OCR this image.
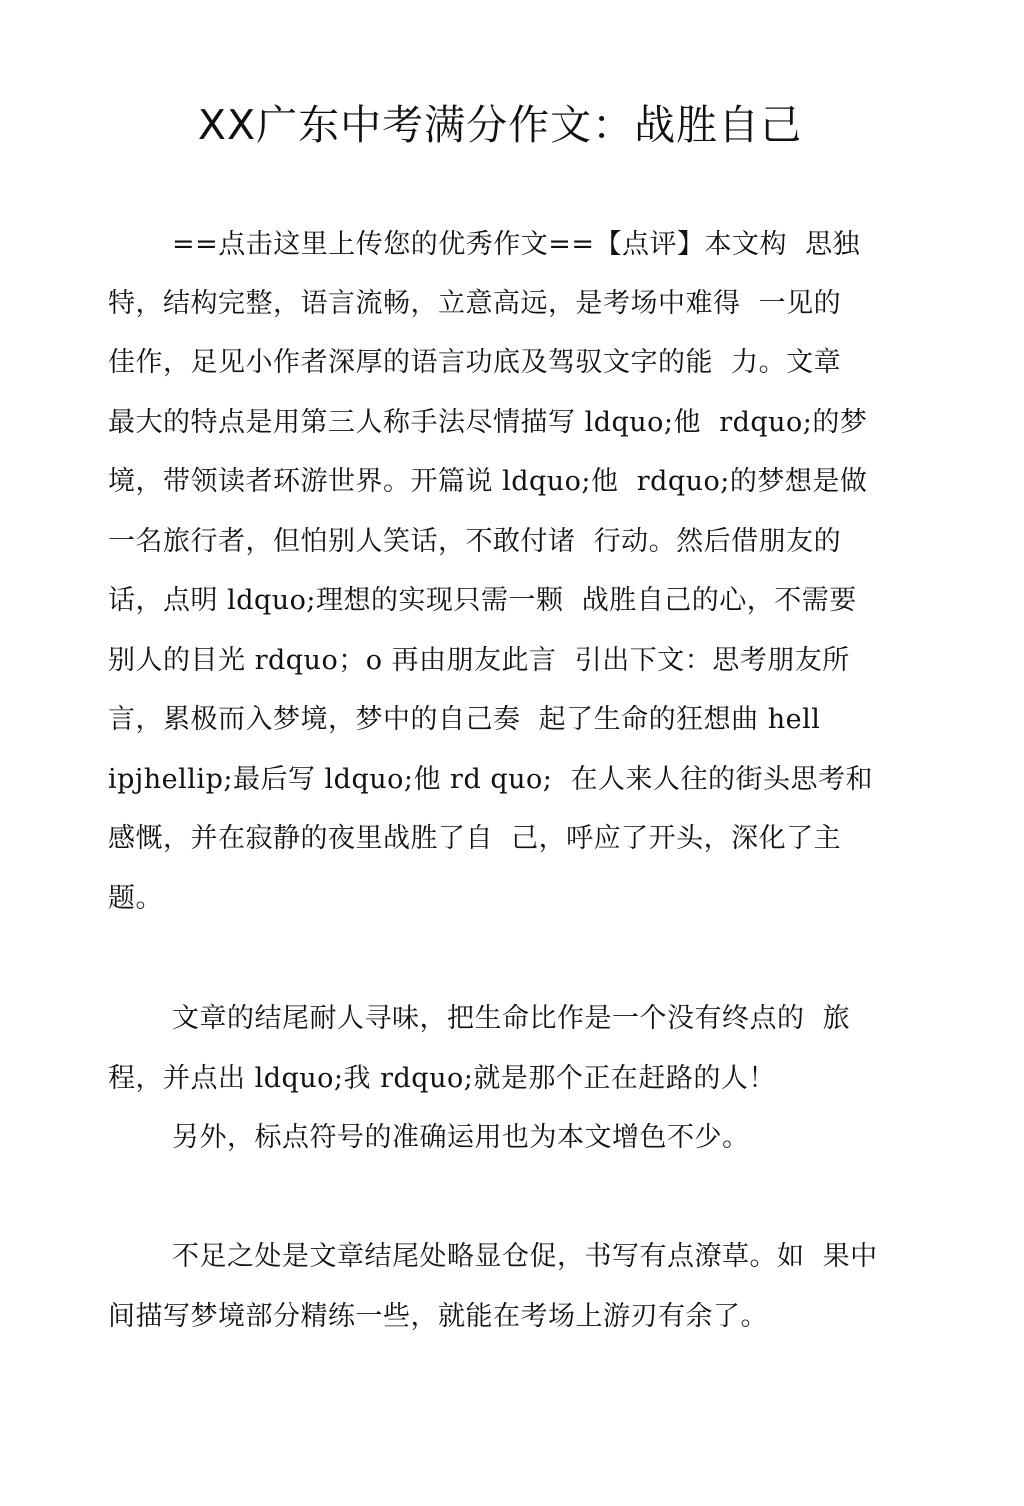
XX广东中考满分作文：战胜自己
==点击这里上传您的优秀作文==【点评】本文构  思独
特，结构完整，语言流畅，立意高远，是考场中难得  一见的
佳作，足见小作者深厚的语言功底及驾驭文字的能  力。文章
最大的特点是用第三人称手法尽情描写 ldquo;他  rdquo;的梦
境，带领读者环游世界。开篇说 ldquo;他  rdquo;的梦想是做
一名旅行者，但怕别人笑话，不敢付诸  行动。然后借朋友的
话，点明 ldquo;理想的实现只需一颗  战胜自己的心，不需要
别人的目光 rdquo；o 再由朋友此言  引出下文：思考朋友所
言，累极而入梦境，梦中的自己奏  起了生命的狂想曲 hell
ipjhellip;最后写 ldquo;他 rd quo;  在人来人往的街头思考和
感慨，并在寂静的夜里战胜了自  己，呼应了开头，深化了主
题。
文章的结尾耐人寻味，把生命比作是一个没有终点的  旅
程，并点出 ldquo;我 rdquo;就是那个正在赶路的人！
另外，标点符号的准确运用也为本文增色不少。
不足之处是文章结尾处略显仓促，书写有点潦草。如  果中
间描写梦境部分精练一些，就能在考场上游刃有余了。
